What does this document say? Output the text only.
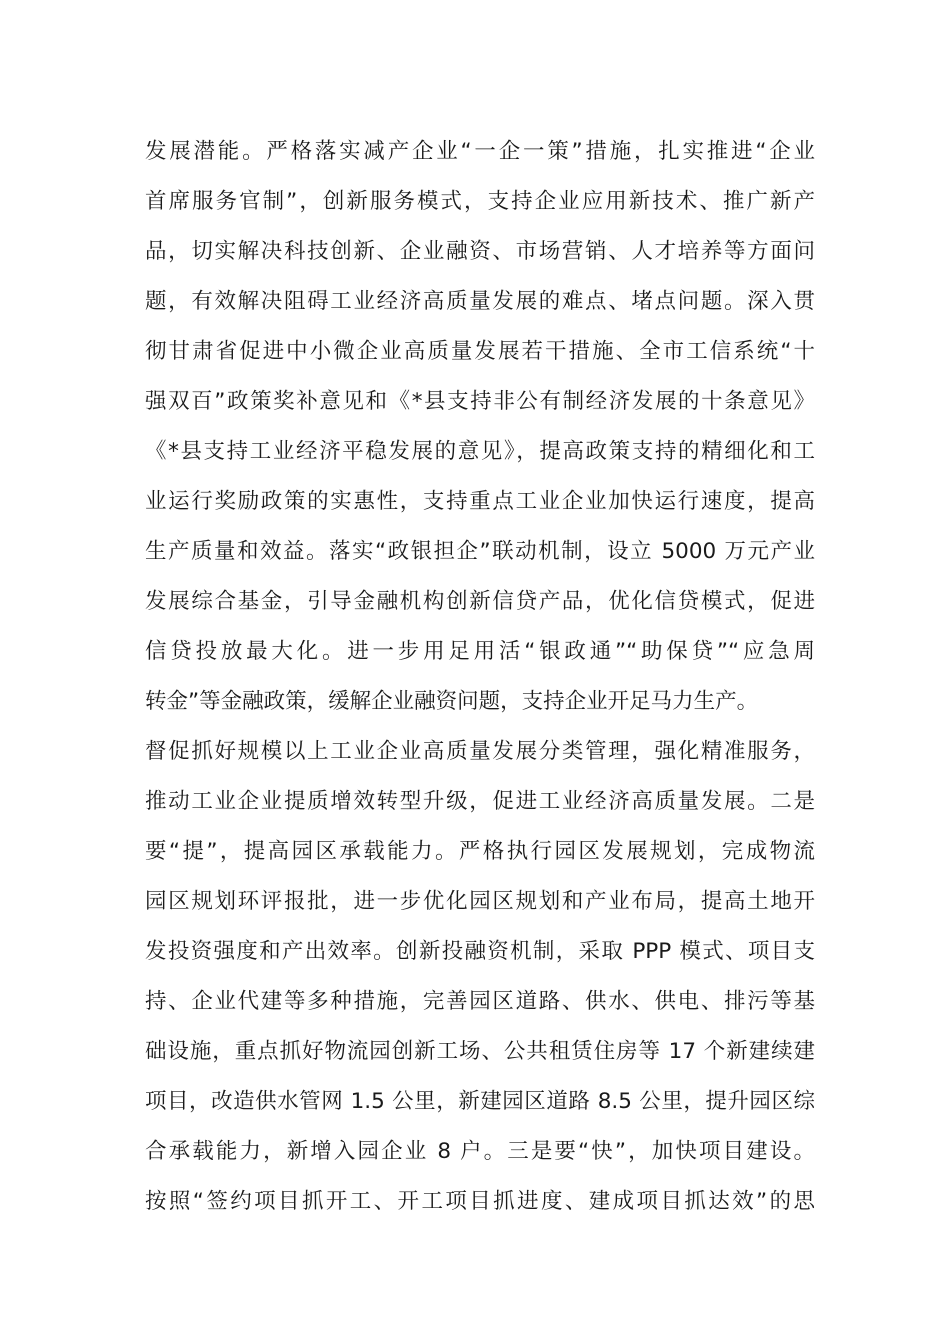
发展潜能。严格落实减产企业“一企一策”措施，扎实推进“企业
首席服务官制”，创新服务模式，支持企业应用新技术、推广新产
品，切实解决科技创新、企业融资、市场营销、人才培养等方面问
题，有效解决阻碍工业经济高质量发展的难点、堵点问题。深入贯
彻甘肃省促进中小微企业高质量发展若干措施、全市工信系统“十
强双百”政策奖补意见和《*县支持非公有制经济发展的十条意见》
《*县支持工业经济平稳发展的意见》，提高政策支持的精细化和工
业运行奖励政策的实惠性，支持重点工业企业加快运行速度，提高
生产质量和效益。落实“政银担企”联动机制，设立 5000 万元产业
发展综合基金，引导金融机构创新信贷产品，优化信贷模式，促进
信贷投放最大化。进一步用足用活“银政通”“助保贷”“应急周
转金”等金融政策，缓解企业融资问题，支持企业开足马力生产。
督促抓好规模以上工业企业高质量发展分类管理，强化精准服务，
推动工业企业提质增效转型升级，促进工业经济高质量发展。二是
要“提”，提高园区承载能力。严格执行园区发展规划，完成物流
园区规划环评报批，进一步优化园区规划和产业布局，提高土地开
发投资强度和产出效率。创新投融资机制，采取 PPP 模式、项目支
持、企业代建等多种措施，完善园区道路、供水、供电、排污等基
础设施，重点抓好物流园创新工场、公共租赁住房等 17 个新建续建
项目，改造供水管网 1.5 公里，新建园区道路 8.5 公里，提升园区综
合承载能力，新增入园企业 8 户。三是要“快”，加快项目建设。
按照“签约项目抓开工、开工项目抓进度、建成项目抓达效”的思
